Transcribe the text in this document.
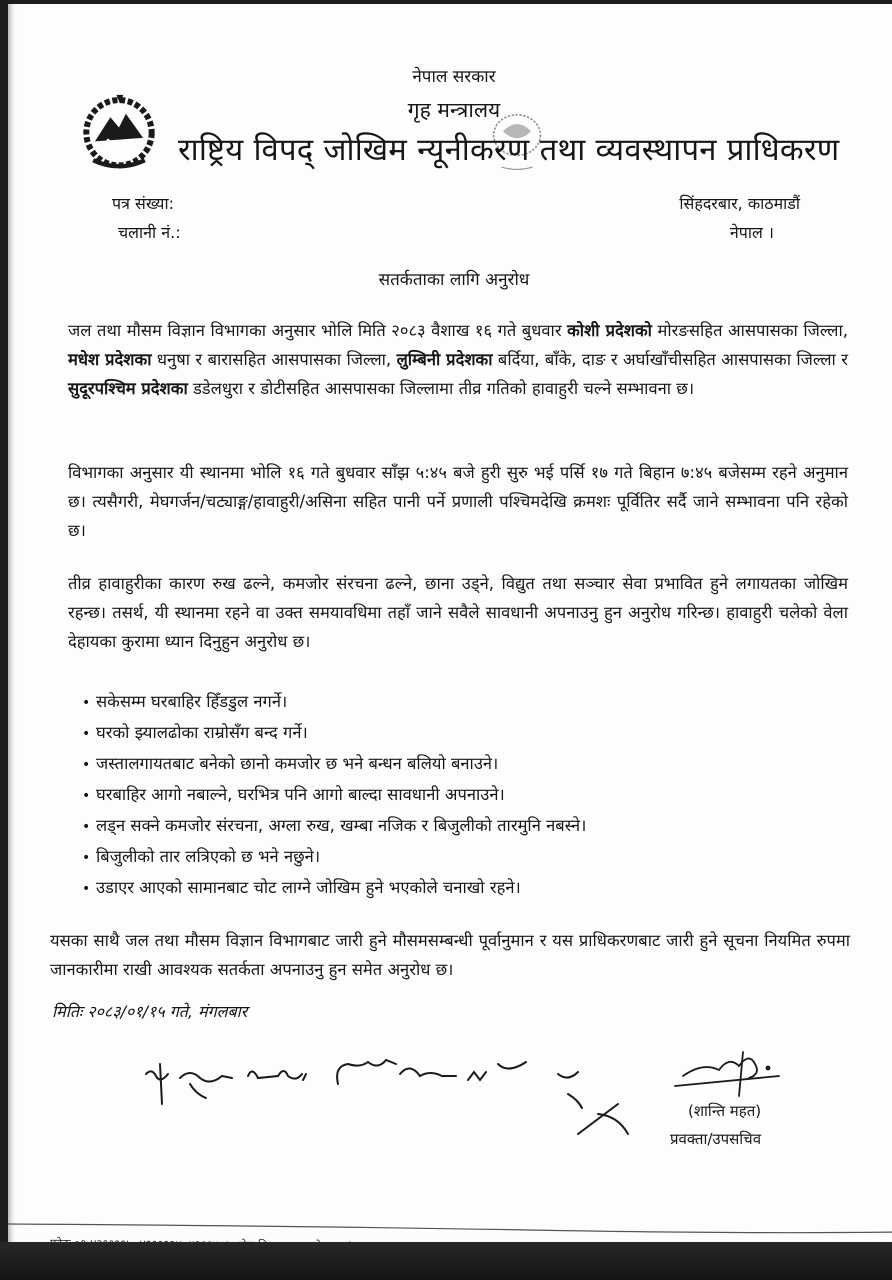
नेपाल सरकार
गृह मन्त्रालय
राष्ट्रिय विपद् जोखिम न्यूनीकरण तथा व्यवस्थापन प्राधिकरण
पत्र संख्या:
चलानी नं.:
सिंहदरबार, काठमाडौं
नेपाल ।
सतर्कताका लागि अनुरोध
जल तथा मौसम विज्ञान विभागका अनुसार भोलि मिति २०८३ वैशाख १६ गते बुधवार कोशी प्रदेशको मोरङसहित आसपासका जिल्ला, मधेश प्रदेशका धनुषा र बारासहित आसपासका जिल्ला, लुम्बिनी प्रदेशका बर्दिया, बाँके, दाङ र अर्घाखाँचीसहित आसपासका जिल्ला र सुदूरपश्चिम प्रदेशका डडेलधुरा र डोटीसहित आसपासका जिल्लामा तीव्र गतिको हावाहुरी चल्ने सम्भावना छ।
विभागका अनुसार यी स्थानमा भोलि १६ गते बुधवार साँझ ५:४५ बजे हुरी सुरु भई पर्सि १७ गते बिहान ७:४५ बजेसम्म रहने अनुमान छ। त्यसैगरी, मेघगर्जन/चट्याङ्ग/हावाहुरी/असिना सहित पानी पर्ने प्रणाली पश्चिमदेखि क्रमशः पूर्वितिर सर्दै जाने सम्भावना पनि रहेको छ।
तीव्र हावाहुरीका कारण रुख ढल्ने, कमजोर संरचना ढल्ने, छाना उड्ने, विद्युत तथा सञ्चार सेवा प्रभावित हुने लगायतका जोखिम रहन्छ। तसर्थ, यी स्थानमा रहने वा उक्त समयावधिमा तहाँ जाने सवैले सावधानी अपनाउनु हुन अनुरोध गरिन्छ। हावाहुरी चलेको वेला देहायका कुरामा ध्यान दिनुहुन अनुरोध छ।
• सकेसम्म घरबाहिर हिँडडुल नगर्ने।
• घरको झ्यालढोका राम्रोसँग बन्द गर्ने।
• जस्तालगायतबाट बनेको छानो कमजोर छ भने बन्धन बलियो बनाउने।
• घरबाहिर आगो नबाल्ने, घरभित्र पनि आगो बाल्दा सावधानी अपनाउने।
• लड्न सक्ने कमजोर संरचना, अग्ला रुख, खम्बा नजिक र बिजुलीको तारमुनि नबस्ने।
• बिजुलीको तार लत्रिएको छ भने नछुने।
• उडाएर आएको सामानबाट चोट लाग्ने जोखिम हुने भएकोले चनाखो रहने।
यसका साथै जल तथा मौसम विज्ञान विभागबाट जारी हुने मौसमसम्बन्धी पूर्वानुमान र यस प्राधिकरणबाट जारी हुने सूचना नियमित रुपमा जानकारीमा राखी आवश्यक सतर्कता अपनाउनु हुन समेत अनुरोध छ।
मितिः २०८३/०१/१५ गते, मंगलबार
(शान्ति महत)
प्रवक्ता/उपसचिव
